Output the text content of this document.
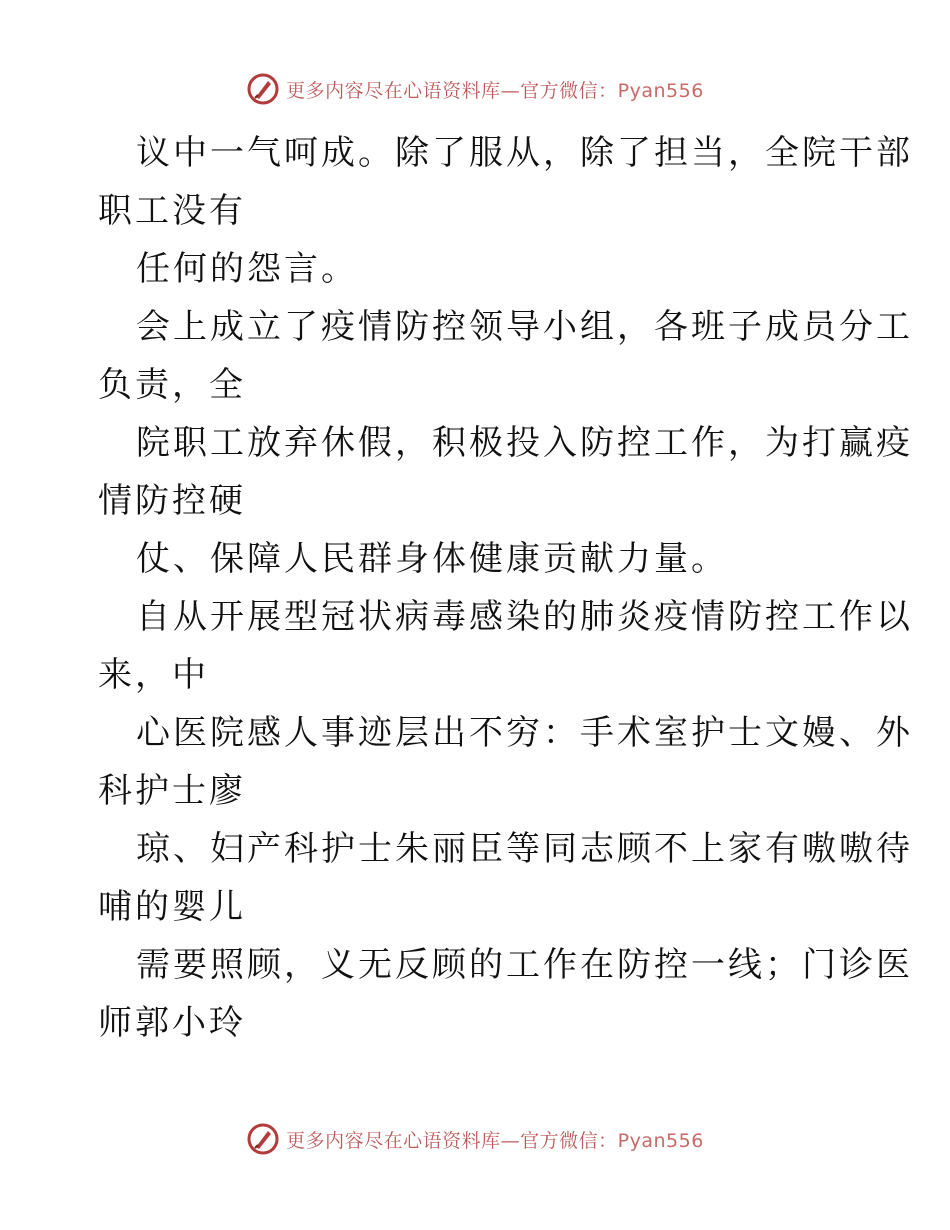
更多内容尽在心语资料库—官方微信：Pyan556
议中一气呵成。除了服从，除了担当，全院干部
职工没有
任何的怨言。
会上成立了疫情防控领导小组，各班子成员分工
负责，全
院职工放弃休假，积极投入防控工作，为打赢疫
情防控硬
仗、保障人民群身体健康贡献力量。
自从开展型冠状病毒感染的肺炎疫情防控工作以
来，中
心医院感人事迹层出不穷：手术室护士文嫚、外
科护士廖
琼、妇产科护士朱丽臣等同志顾不上家有嗷嗷待
哺的婴儿
需要照顾，义无反顾的工作在防控一线；门诊医
师郭小玲
更多内容尽在心语资料库—官方微信：Pyan556
